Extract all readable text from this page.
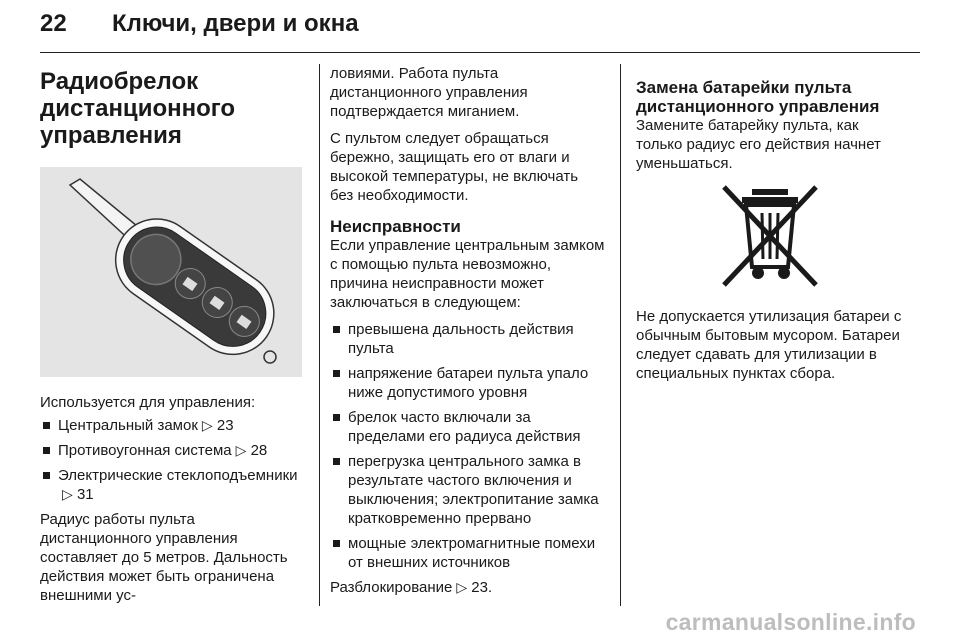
22 Ключи, двери и окна
Радиобрелок дистанционного управления

Используется для управления:

Центральный замок ▷ 23
Противоугонная система ▷ 28
Электрические стеклоподъемники▷ 31

Радиус работы пульта дистанционного управления составляет до 5 метров. Дальность действия может быть ограничена внешними ус-

ловиями. Работа пульта дистанционного управления подтверждается миганием.

С пультом следует обращаться бережно, защищать его от влаги и высокой температуры, не включать без необходимости.

Неисправности

Если управление центральным замком с помощью пульта невозможно, причина неисправности может заключаться в следующем:

превышена дальность действия пульта
напряжение батареи пульта упало ниже допустимого уровня
брелок часто включали за пределами его радиуса действия
перегрузка центрального замка в результате частого включения и выключения; электропитание замка кратковременно прервано
мощные электромагнитные помехи от внешних источников

Разблокирование ▷ 23.

Замена батарейки пульта дистанционного управления

Замените батарейку пульта, как только радиус его действия начнет уменьшаться.

Не допускается утилизация батареи с обычным бытовым мусором. Батареи следует сдавать для утилизации в специальных пунктах сбора.

carmanualsonline.info
